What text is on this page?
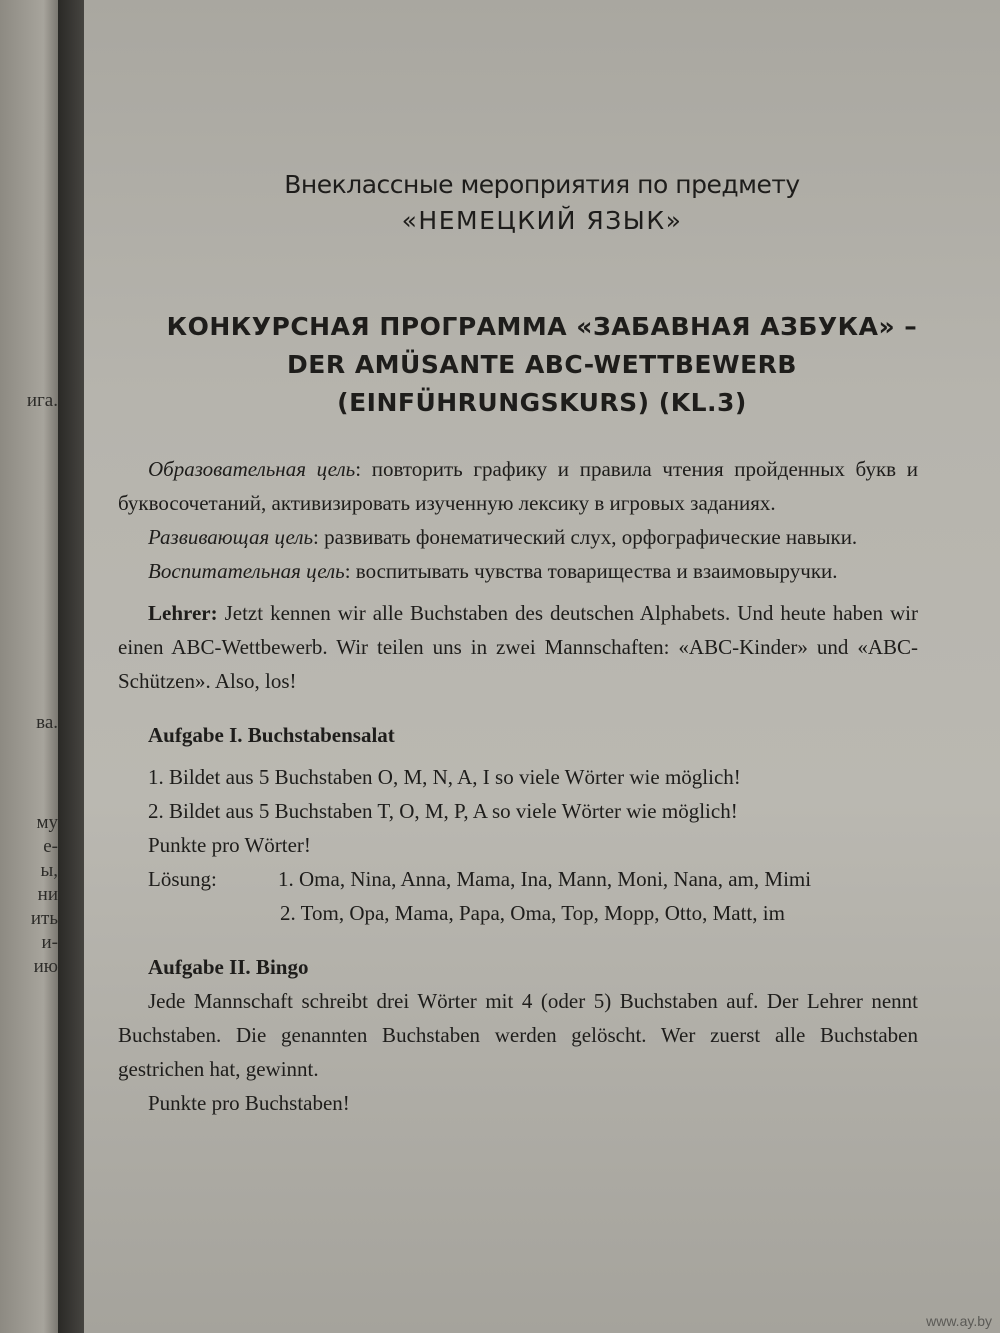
ига.
ва.
му
е-
ы,
ни
ить
и-
ию
Внеклассные мероприятия по предмету
«НЕМЕЦКИЙ ЯЗЫК»
КОНКУРСНАЯ ПРОГРАММА «ЗАБАВНАЯ АЗБУКА» –
DER AMÜSANTE ABC-WETTBEWERB
(EINFÜHRUNGSKURS) (KL.3)

Образовательная цель: повторить графику и правила чтения пройденных букв и буквосочетаний, активизировать изученную лексику в игровых заданиях.

Развивающая цель: развивать фонематический слух, орфографические навыки.

Воспитательная цель: воспитывать чувства товарищества и взаимовыручки.

Lehrer: Jetzt kennen wir alle Buchstaben des deutschen Alphabets. Und heute haben wir einen ABC-Wettbewerb. Wir teilen uns in zwei Mannschaften: «ABC-Kinder» und «ABC- Schützen». Also, los!

Aufgabe I. Buchstabensalat

1. Bildet aus 5 Buchstaben O, M, N, A, I so viele Wörter wie möglich!

2. Bildet aus 5 Buchstaben T, O, M, P, A so viele Wörter wie möglich!

Punkte pro Wörter!

Lösung:	1. Oma, Nina, Anna, Mama, Ina, Mann, Moni, Nana, am, Mimi
2. Tom, Opa, Mama, Papa, Oma, Top, Mopp, Otto, Matt, im

Aufgabe II. Bingo

Jede Mannschaft schreibt drei Wörter mit 4 (oder 5) Buchstaben auf. Der Lehrer nennt Buchstaben. Die genannten Buchstaben werden gelöscht. Wer zuerst alle Buchstaben gestrichen hat, gewinnt.

Punkte pro Buchstaben!

www.ay.by
